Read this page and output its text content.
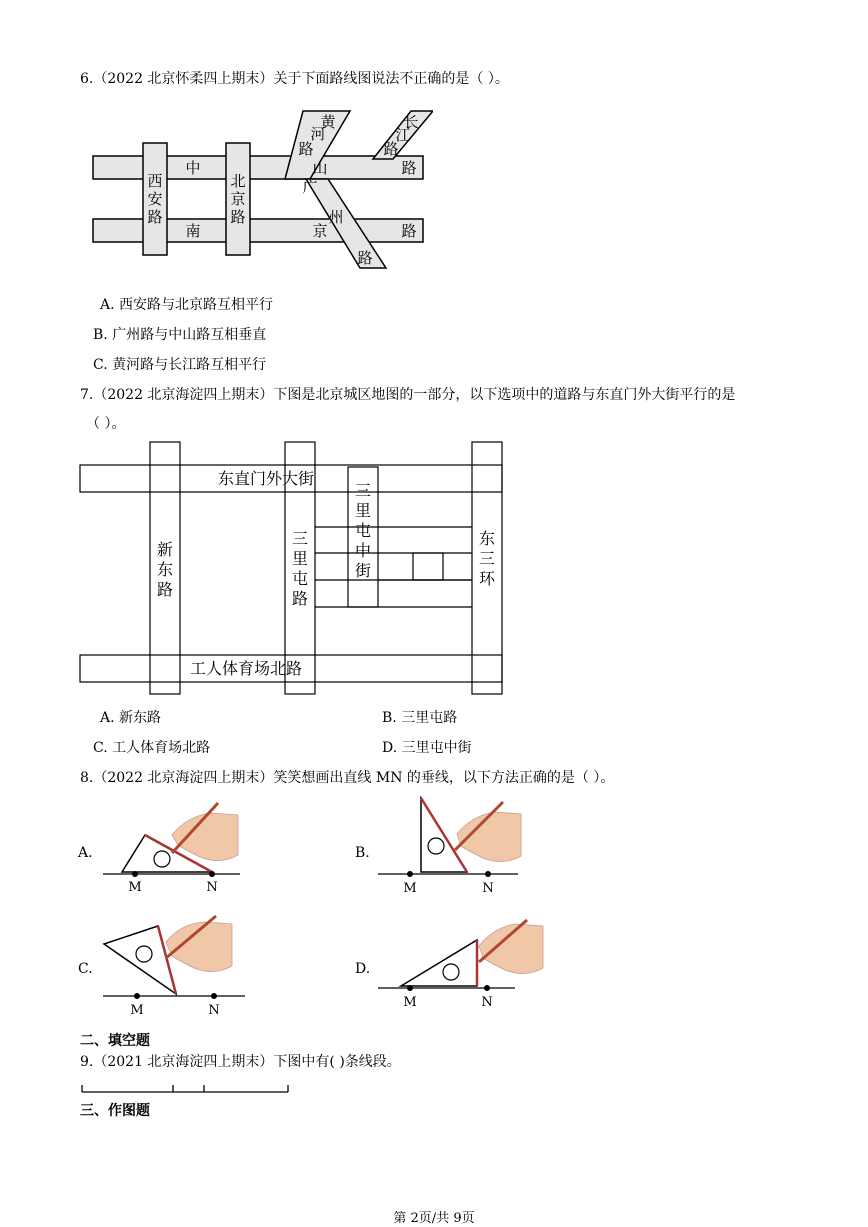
6.（2022 北京怀柔四上期末）关于下面路线图说法不正确的是（ ）。
中	山	路
南	京	路
西
安
路
北
京
路
黄
河
路
长
江
路
广
州
路
A. 西安路与北京路互相平行
B. 广州路与中山路互相垂直
C. 黄河路与长江路互相平行
7.（2022 北京海淀四上期末）下图是北京城区地图的一部分，以下选项中的道路与东直门外大街平行的是
（ ）。
东直门外大街
工人体育场北路
新
东
路
三
里
屯
路
三
里
屯
中
街
东
三
环
A. 新东路	B. 三里屯路
C. 工人体育场北路	D. 三里屯中街
8.（2022 北京海淀四上期末）笑笑想画出直线 MN 的垂线，以下方法正确的是（ ）。
A.
M	N
B.
M	N
C.
M	N
D.
M	N
二、填空题
9.（2021 北京海淀四上期末）下图中有( )条线段。
三、作图题
第 2页/共 9页
